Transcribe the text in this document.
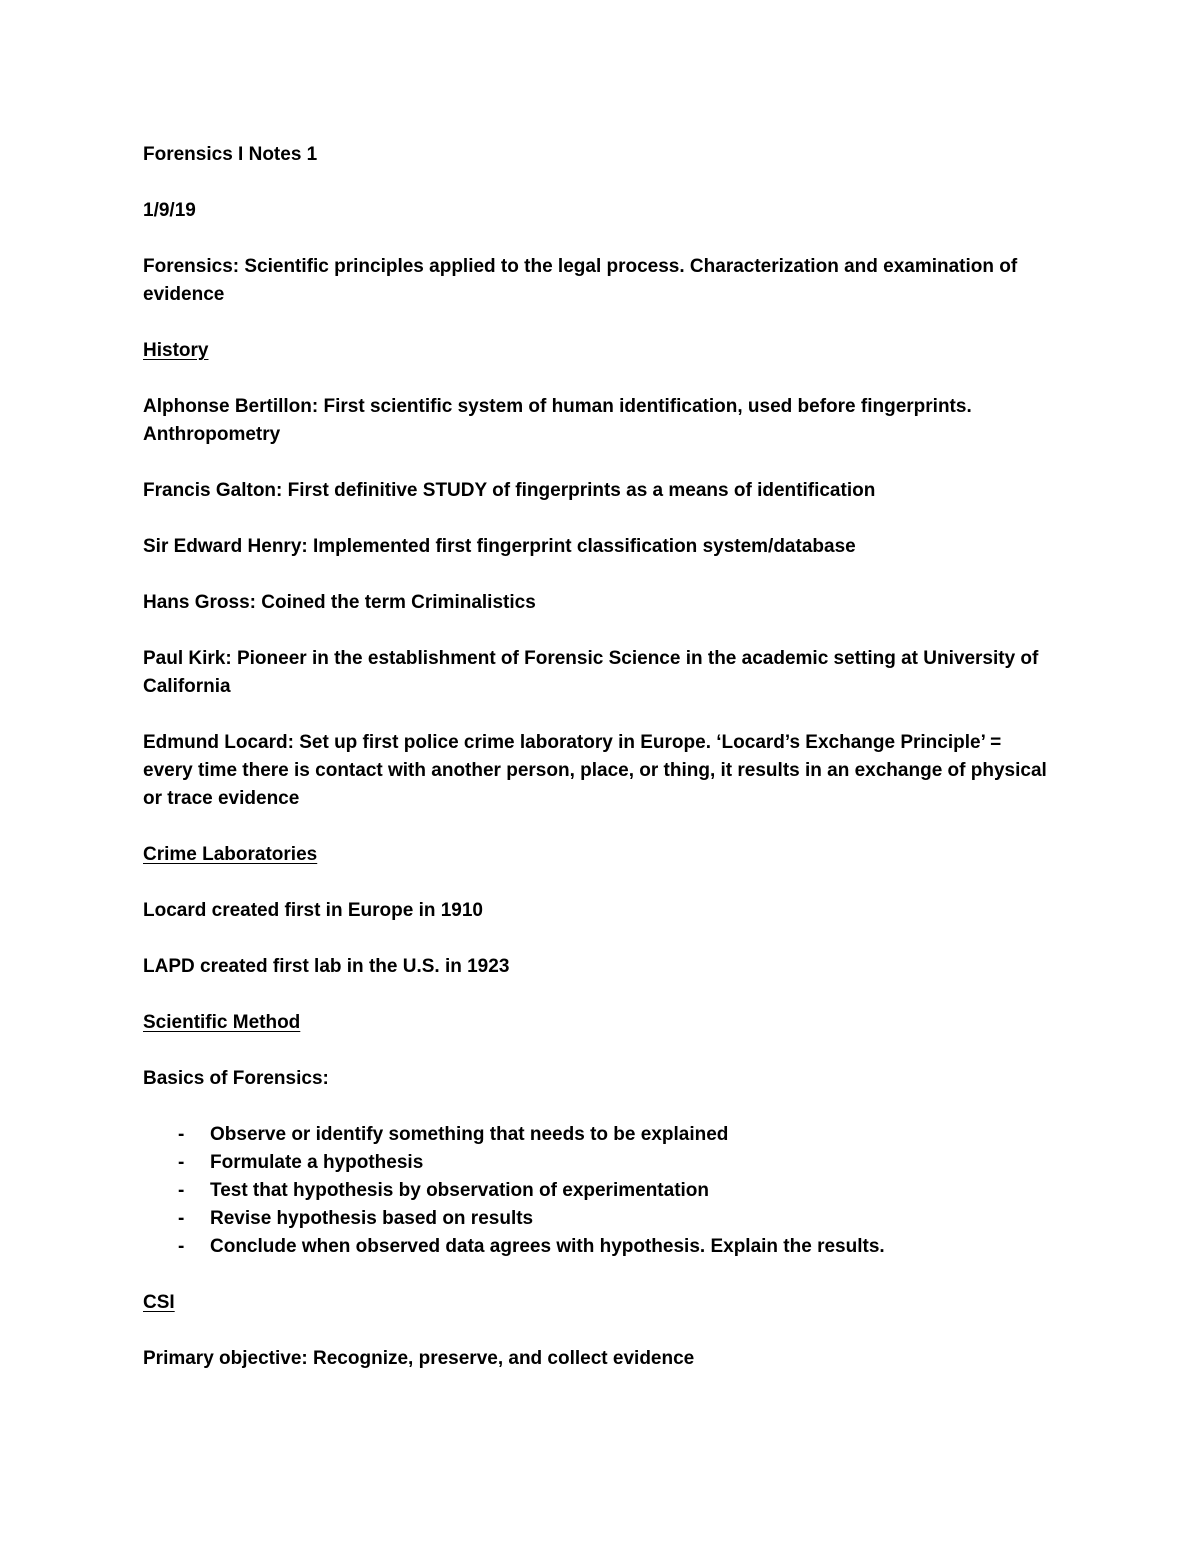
Forensics I Notes 1

1/9/19

Forensics: Scientific principles applied to the legal process. Characterization and examination of evidence

History

Alphonse Bertillon: First scientific system of human identification, used before fingerprints. Anthropometry

Francis Galton: First definitive STUDY of fingerprints as a means of identification

Sir Edward Henry: Implemented first fingerprint classification system/database

Hans Gross: Coined the term Criminalistics

Paul Kirk: Pioneer in the establishment of Forensic Science in the academic setting at University of California

Edmund Locard: Set up first police crime laboratory in Europe. ‘Locard’s Exchange Principle’ = every time there is contact with another person, place, or thing, it results in an exchange of physical or trace evidence

Crime Laboratories

Locard created first in Europe in 1910

LAPD created first lab in the U.S. in 1923

Scientific Method

Basics of Forensics:

-	Observe or identify something that needs to be explained
-	Formulate a hypothesis
-	Test that hypothesis by observation of experimentation
-	Revise hypothesis based on results
-	Conclude when observed data agrees with hypothesis. Explain the results.

CSI

Primary objective: Recognize, preserve, and collect evidence
